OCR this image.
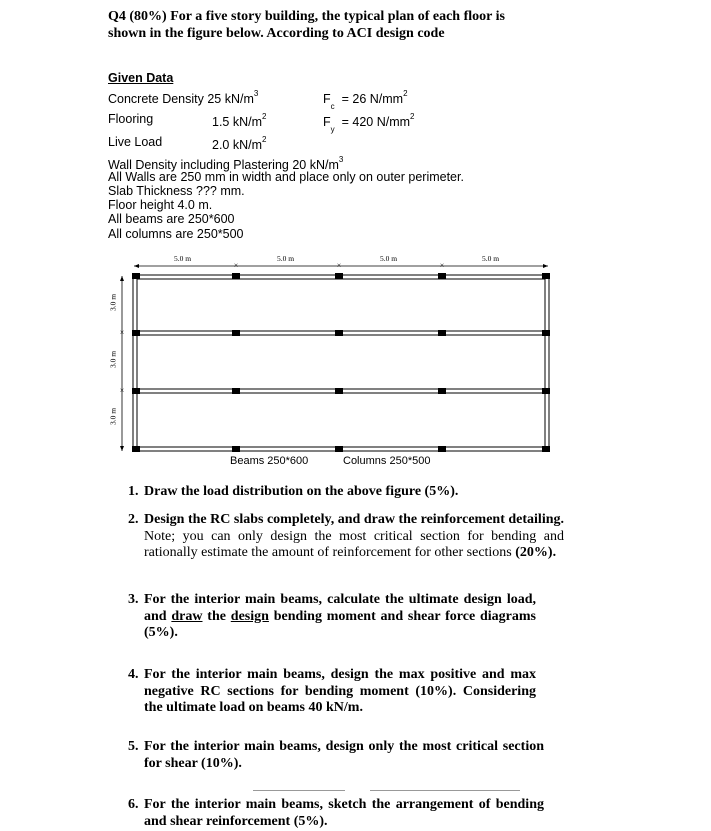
Q4 (80%) For a five story building, the typical plan of each floor is
shown in the figure below. According to ACI design code
Given Data
Concrete Density 25 $kN/m^3$	$F_c = 26$ $N/mm^2$
Flooring	1.5 $kN/m^2$	$F_y = 420$ $N/mm^2$
Live Load	2.0 $kN/m^2$
Wall Density including Plastering 20 $kN/m^3$
All Walls are 250 mm in width and place only on outer perimeter.
Slab Thickness ??? mm.
Floor height 4.0 m.
All beams are 250*600
All columns are 250*500
×	×	×
×
×
5.0 m	5.0 m	5.0 m	5.0 m
3.0 m
3.0 m
3.0 m
Beams 250*600	Columns 250*500
1. Draw the load distribution on the above figure (5%).
2. Design the RC slabs completely, and draw the reinforcement detailing. Note; you can only design the most critical section for bending and rationally estimate the amount of reinforcement for other sections (20%).
3. For the interior main beams, calculate the ultimate design load, and draw the design bending moment and shear force diagrams (5%).
4. For the interior main beams, design the max positive and max negative RC sections for bending moment (10%). Considering the ultimate load on beams 40 kN/m.
5. For the interior main beams, design only the most critical section for shear (10%).
6. For the interior main beams, sketch the arrangement of bending and shear reinforcement (5%).
